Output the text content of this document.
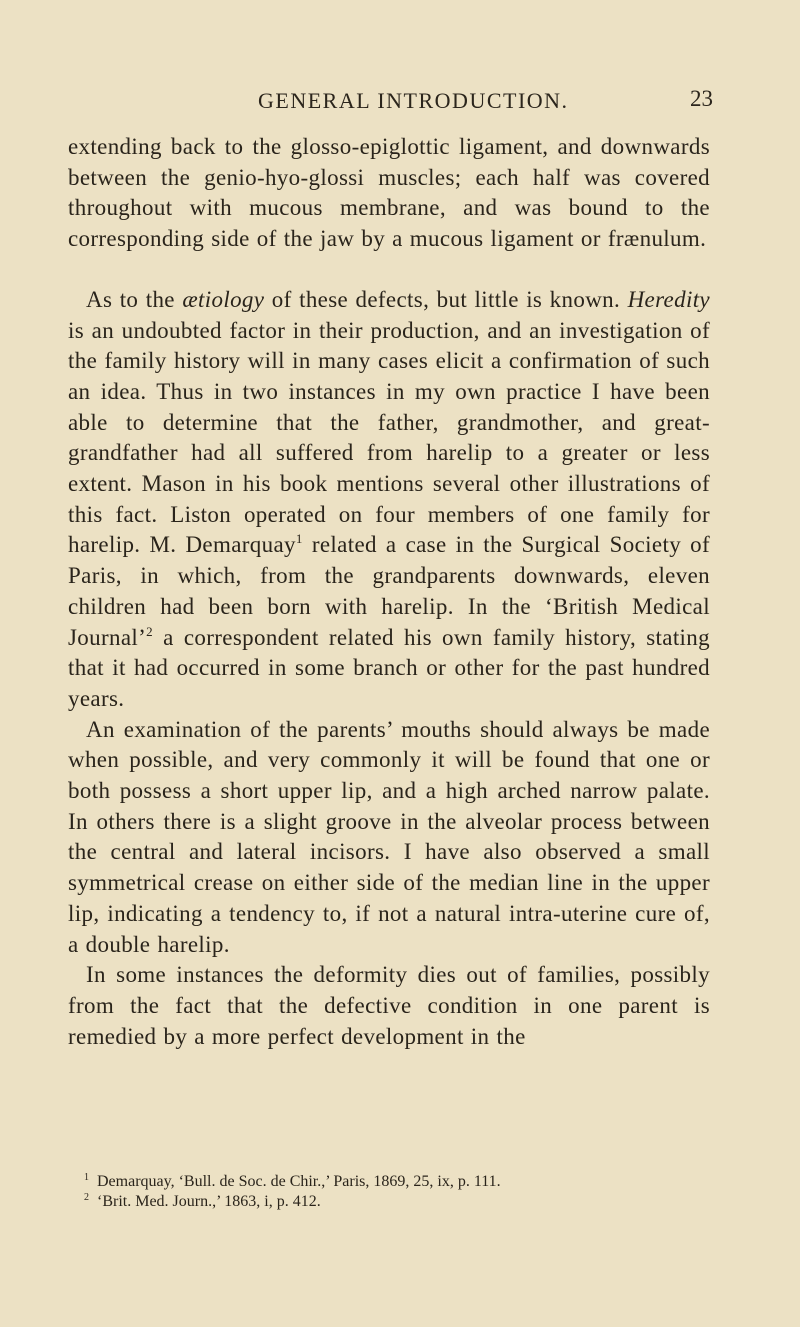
GENERAL INTRODUCTION.	23

extending back to the glosso-epiglottic ligament, and downwards between the genio-hyo-glossi muscles; each half was covered throughout with mucous membrane, and was bound to the corresponding side of the jaw by a mucous ligament or frænulum.

As to the ætiology of these defects, but little is known. Heredity is an undoubted factor in their production, and an investigation of the family history will in many cases elicit a confirmation of such an idea. Thus in two instances in my own practice I have been able to determine that the father, grandmother, and great-grandfather had all suffered from harelip to a greater or less extent. Mason in his book mentions several other illustrations of this fact. Liston operated on four members of one family for harelip. M. Demarquay$^1$ related a case in the Surgical Society of Paris, in which, from the grandparents downwards, eleven children had been born with harelip. In the ‘British Medical Journal’$^2$ a correspondent related his own family history, stating that it had occurred in some branch or other for the past hundred years.

An examination of the parents’ mouths should always be made when possible, and very commonly it will be found that one or both possess a short upper lip, and a high arched narrow palate. In others there is a slight groove in the alveolar process between the central and lateral incisors. I have also observed a small symmetrical crease on either side of the median line in the upper lip, indicating a tendency to, if not a natural intra-uterine cure of, a double harelip.

In some instances the deformity dies out of families, possibly from the fact that the defective condition in one parent is remedied by a more perfect development in the

$^1$ Demarquay, ‘Bull. de Soc. de Chir.,’ Paris, 1869, 25, ix, p. 111.

$^2$ ‘Brit. Med. Journ.,’ 1863, i, p. 412.
